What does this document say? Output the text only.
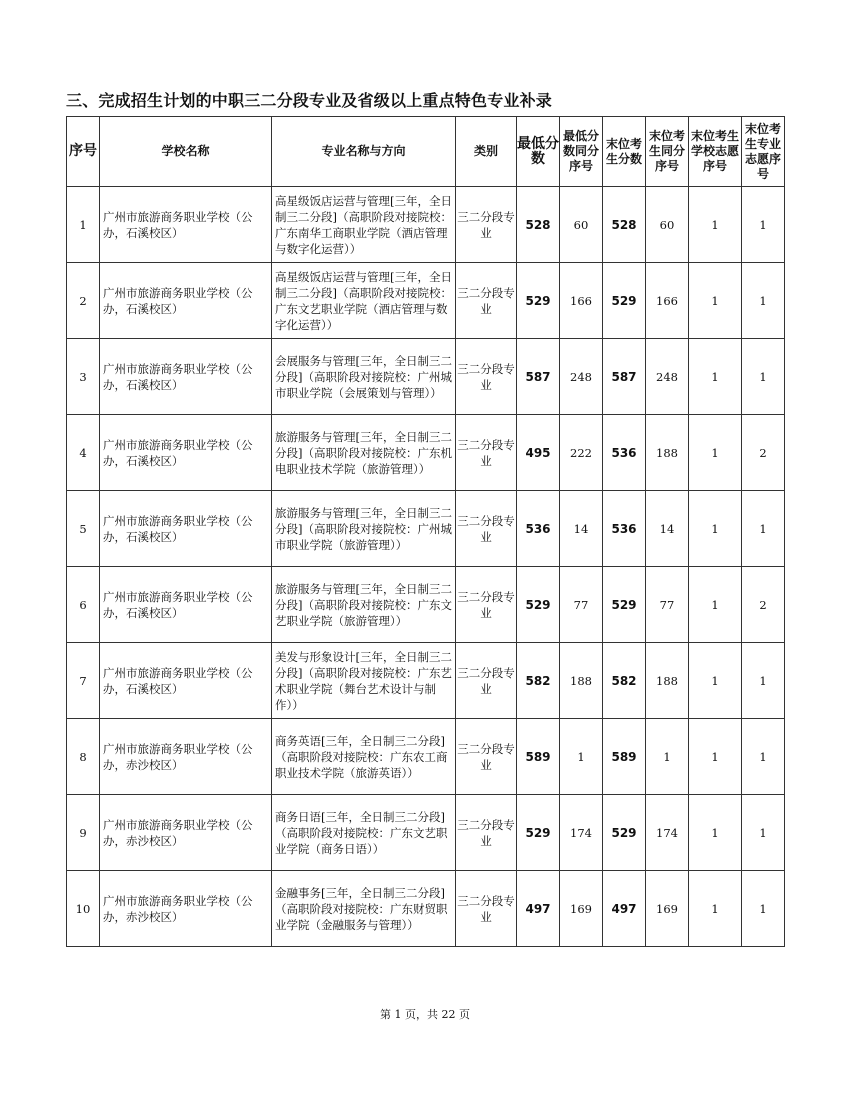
三、完成招生计划的中职三二分段专业及省级以上重点特色专业补录
序号	学校名称	专业名称与方向	类别	最低分数	最低分数同分序号	末位考生分数	末位考生同分序号	末位考生学校志愿序号	末位考生专业志愿序号
1	广州市旅游商务职业学校（公办，石溪校区）	高星级饭店运营与管理[三年，全日制三二分段]（高职阶段对接院校：广东南华工商职业学院（酒店管理与数字化运营））	三二分段专业	528	60	528	60	1	1
2	广州市旅游商务职业学校（公办，石溪校区）	高星级饭店运营与管理[三年，全日制三二分段]（高职阶段对接院校：广东文艺职业学院（酒店管理与数字化运营））	三二分段专业	529	166	529	166	1	1
3	广州市旅游商务职业学校（公办，石溪校区）	会展服务与管理[三年，全日制三二分段]（高职阶段对接院校：广州城市职业学院（会展策划与管理））	三二分段专业	587	248	587	248	1	1
4	广州市旅游商务职业学校（公办，石溪校区）	旅游服务与管理[三年，全日制三二分段]（高职阶段对接院校：广东机电职业技术学院（旅游管理））	三二分段专业	495	222	536	188	1	2
5	广州市旅游商务职业学校（公办，石溪校区）	旅游服务与管理[三年，全日制三二分段]（高职阶段对接院校：广州城市职业学院（旅游管理））	三二分段专业	536	14	536	14	1	1
6	广州市旅游商务职业学校（公办，石溪校区）	旅游服务与管理[三年，全日制三二分段]（高职阶段对接院校：广东文艺职业学院（旅游管理））	三二分段专业	529	77	529	77	1	2
7	广州市旅游商务职业学校（公办，石溪校区）	美发与形象设计[三年，全日制三二分段]（高职阶段对接院校：广东艺术职业学院（舞台艺术设计与制作））	三二分段专业	582	188	582	188	1	1
8	广州市旅游商务职业学校（公办，赤沙校区）	商务英语[三年，全日制三二分段]（高职阶段对接院校：广东农工商职业技术学院（旅游英语））	三二分段专业	589	1	589	1	1	1
9	广州市旅游商务职业学校（公办，赤沙校区）	商务日语[三年，全日制三二分段]（高职阶段对接院校：广东文艺职业学院（商务日语））	三二分段专业	529	174	529	174	1	1
10	广州市旅游商务职业学校（公办，赤沙校区）	金融事务[三年，全日制三二分段]（高职阶段对接院校：广东财贸职业学院（金融服务与管理））	三二分段专业	497	169	497	169	1	1
第 1 页，共 22 页
